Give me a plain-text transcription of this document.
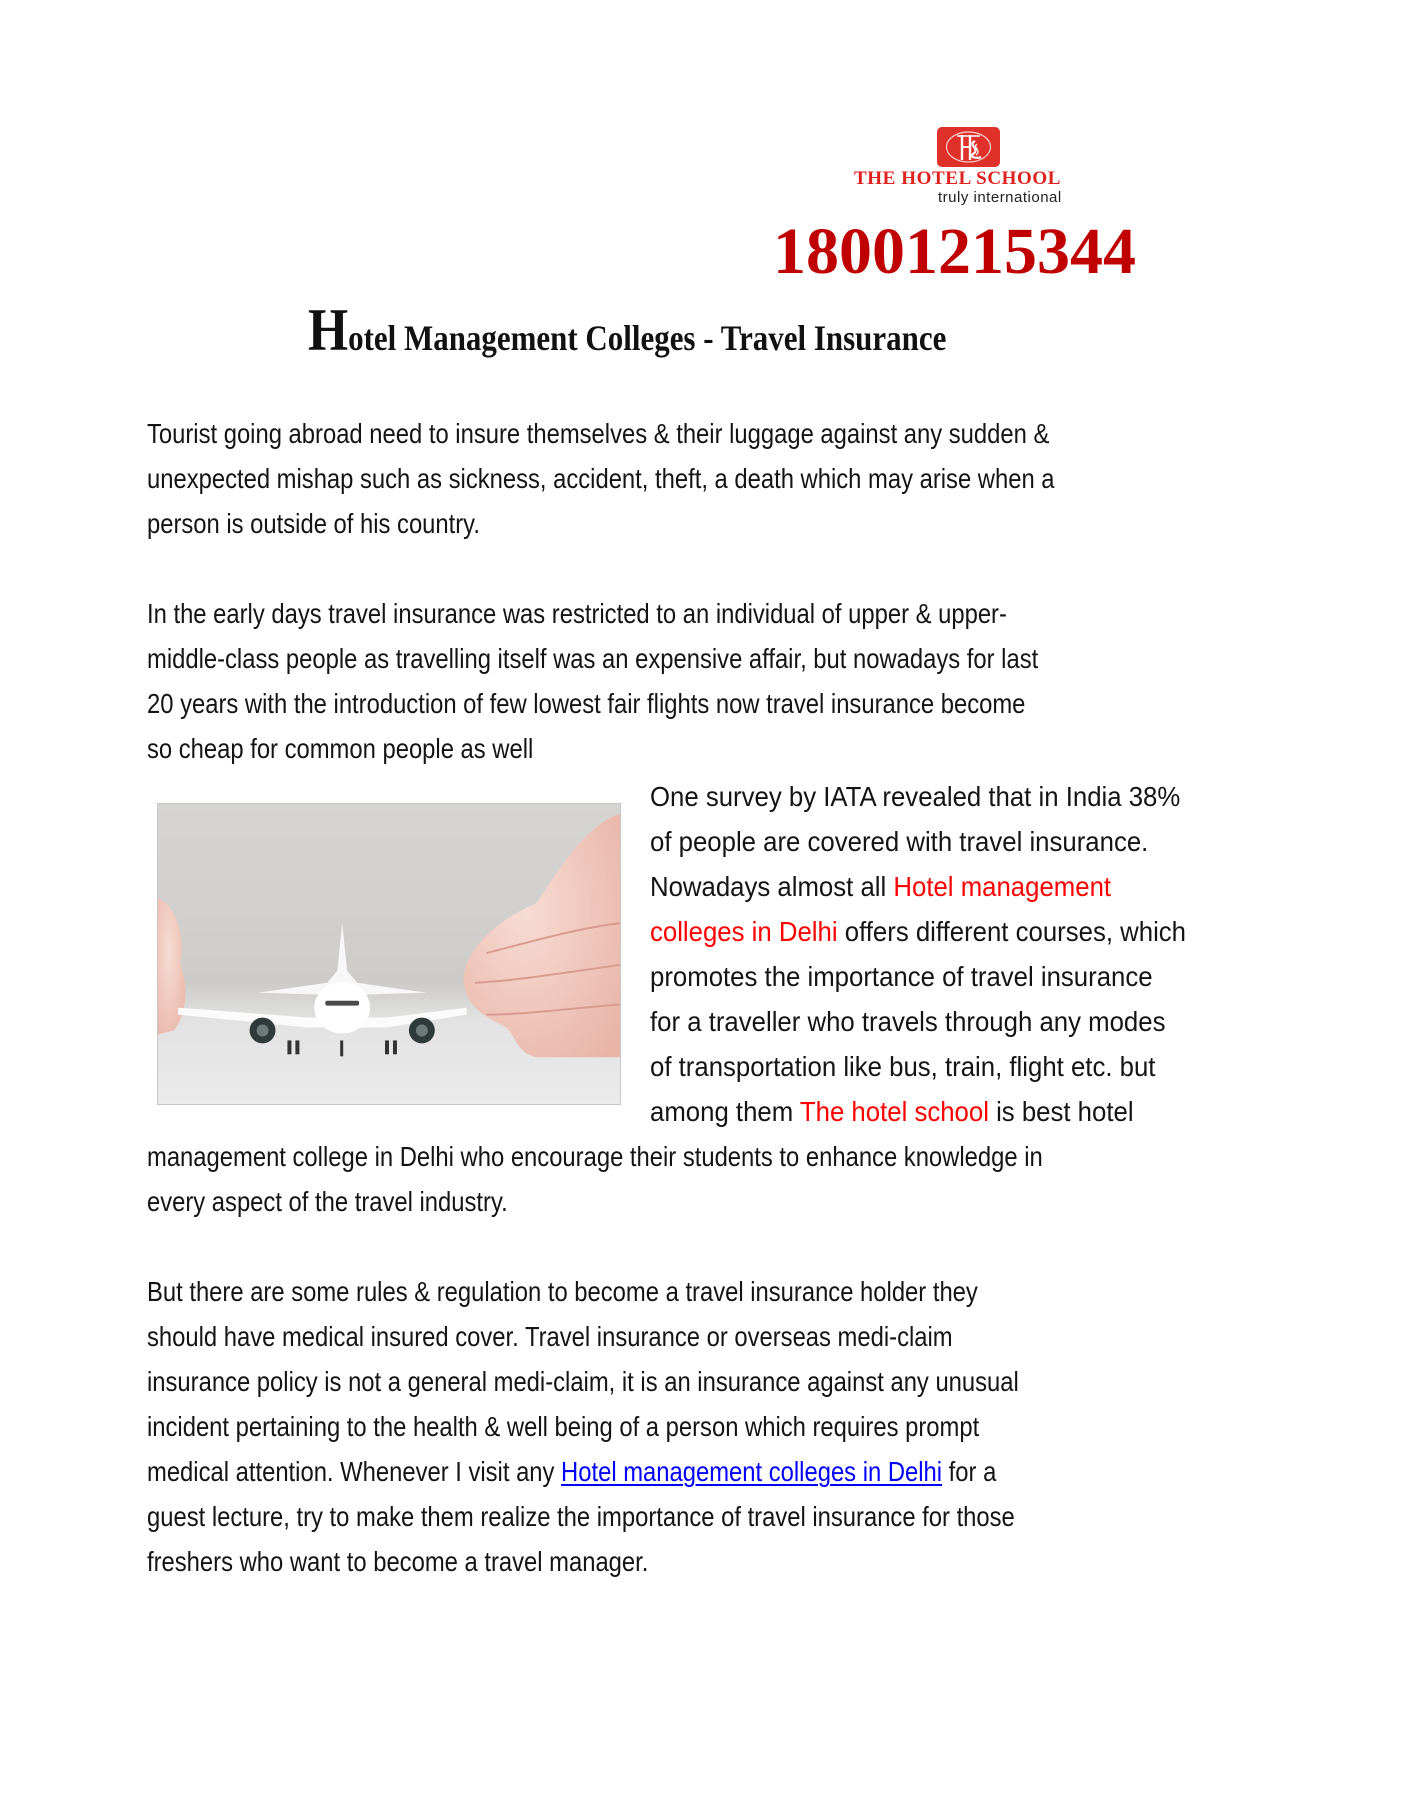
THE HOTEL SCHOOL
truly international
18001215344
Hotel Management Colleges - Travel Insurance
Tourist going abroad need to insure themselves & their luggage against any sudden &
unexpected mishap such as sickness, accident, theft, a death which may arise when a
person is outside of his country.
In the early days travel insurance was restricted to an individual of upper & upper-
middle-class people as travelling itself was an expensive affair, but nowadays for last
20 years with the introduction of few lowest fair flights now travel insurance become
so cheap for common people as well
One survey by IATA revealed that in India 38%
of people are covered with travel insurance.
Nowadays almost all Hotel management
colleges in Delhi offers different courses, which
promotes the importance of travel insurance
for a traveller who travels through any modes
of transportation like bus, train, flight etc. but
among them The hotel school is best hotel
management college in Delhi who encourage their students to enhance knowledge in
every aspect of the travel industry.
But there are some rules & regulation to become a travel insurance holder they
should have medical insured cover. Travel insurance or overseas medi-claim
insurance policy is not a general medi-claim, it is an insurance against any unusual
incident pertaining to the health & well being of a person which requires prompt
medical attention. Whenever I visit any Hotel management colleges in Delhi for a
guest lecture, try to make them realize the importance of travel insurance for those
freshers who want to become a travel manager.
